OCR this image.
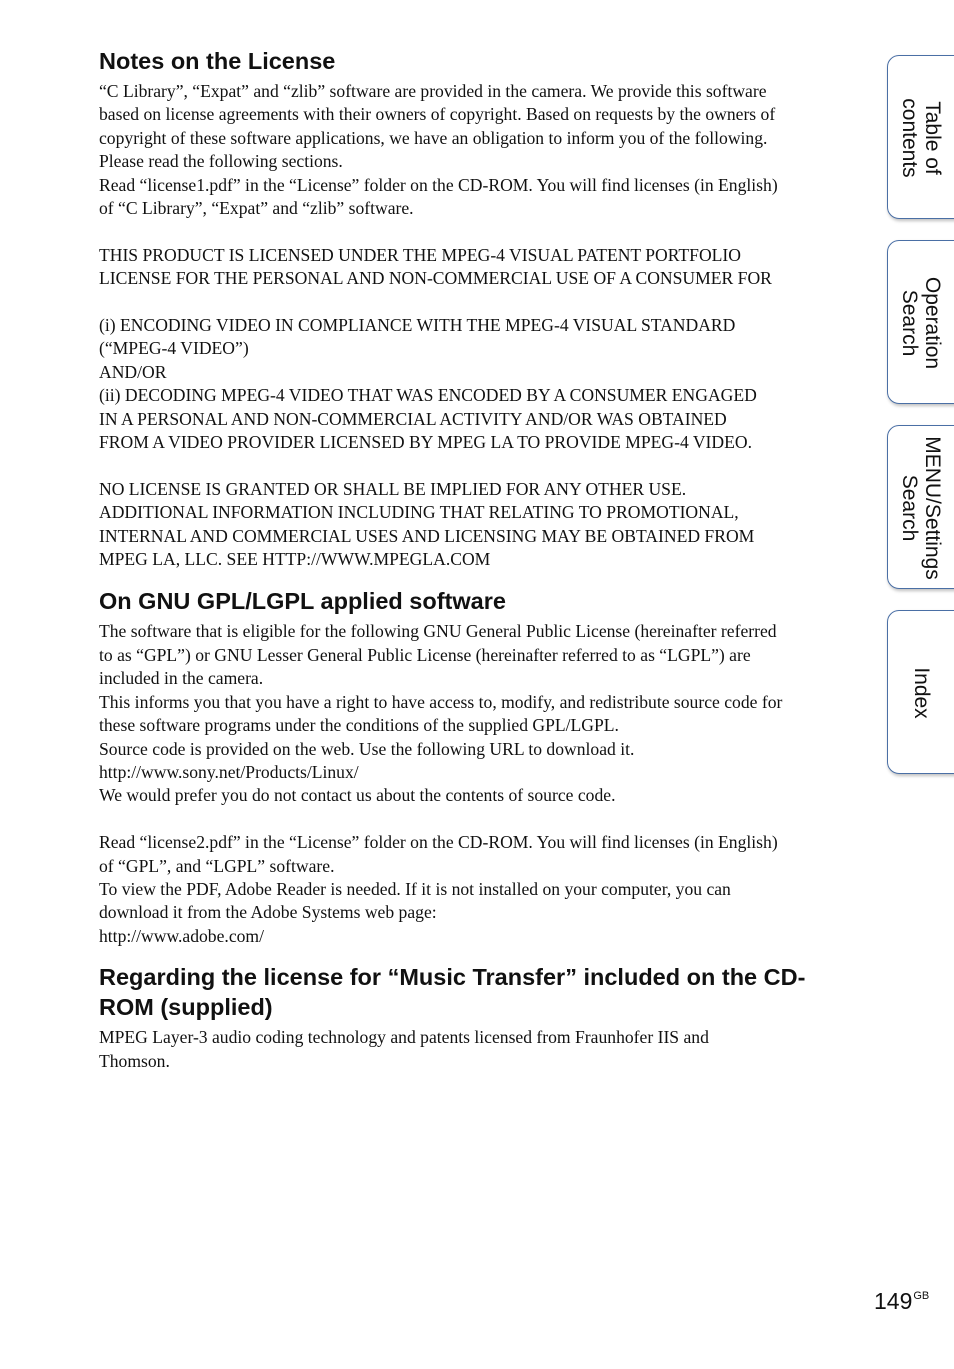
Notes on the License
“C Library”, “Expat” and “zlib” software are provided in the camera. We provide this software
based on license agreements with their owners of copyright. Based on requests by the owners of
copyright of these software applications, we have an obligation to inform you of the following.
Please read the following sections.
Read “license1.pdf” in the “License” folder on the CD-ROM. You will find licenses (in English)
of “C Library”, “Expat” and “zlib” software.
THIS PRODUCT IS LICENSED UNDER THE MPEG-4 VISUAL PATENT PORTFOLIO
LICENSE FOR THE PERSONAL AND NON-COMMERCIAL USE OF A CONSUMER FOR
(i) ENCODING VIDEO IN COMPLIANCE WITH THE MPEG-4 VISUAL STANDARD
(“MPEG-4 VIDEO”)
AND/OR
(ii) DECODING MPEG-4 VIDEO THAT WAS ENCODED BY A CONSUMER ENGAGED
IN A PERSONAL AND NON-COMMERCIAL ACTIVITY AND/OR WAS OBTAINED
FROM A VIDEO PROVIDER LICENSED BY MPEG LA TO PROVIDE MPEG-4 VIDEO.
NO LICENSE IS GRANTED OR SHALL BE IMPLIED FOR ANY OTHER USE.
ADDITIONAL INFORMATION INCLUDING THAT RELATING TO PROMOTIONAL,
INTERNAL AND COMMERCIAL USES AND LICENSING MAY BE OBTAINED FROM
MPEG LA, LLC. SEE HTTP://WWW.MPEGLA.COM
On GNU GPL/LGPL applied software
The software that is eligible for the following GNU General Public License (hereinafter referred
to as “GPL”) or GNU Lesser General Public License (hereinafter referred to as “LGPL”) are
included in the camera.
This informs you that you have a right to have access to, modify, and redistribute source code for
these software programs under the conditions of the supplied GPL/LGPL.
Source code is provided on the web. Use the following URL to download it.
http://www.sony.net/Products/Linux/
We would prefer you do not contact us about the contents of source code.
Read “license2.pdf” in the “License” folder on the CD-ROM. You will find licenses (in English)
of “GPL”, and “LGPL” software.
To view the PDF, Adobe Reader is needed. If it is not installed on your computer, you can
download it from the Adobe Systems web page:
http://www.adobe.com/
Regarding the license for “Music Transfer” included on the CD-ROM (supplied)
MPEG Layer-3 audio coding technology and patents licensed from Fraunhofer IIS and
Thomson.
Table of
contents
Operation
Search
MENU/Settings
Search
Index
$149^{GB}$
